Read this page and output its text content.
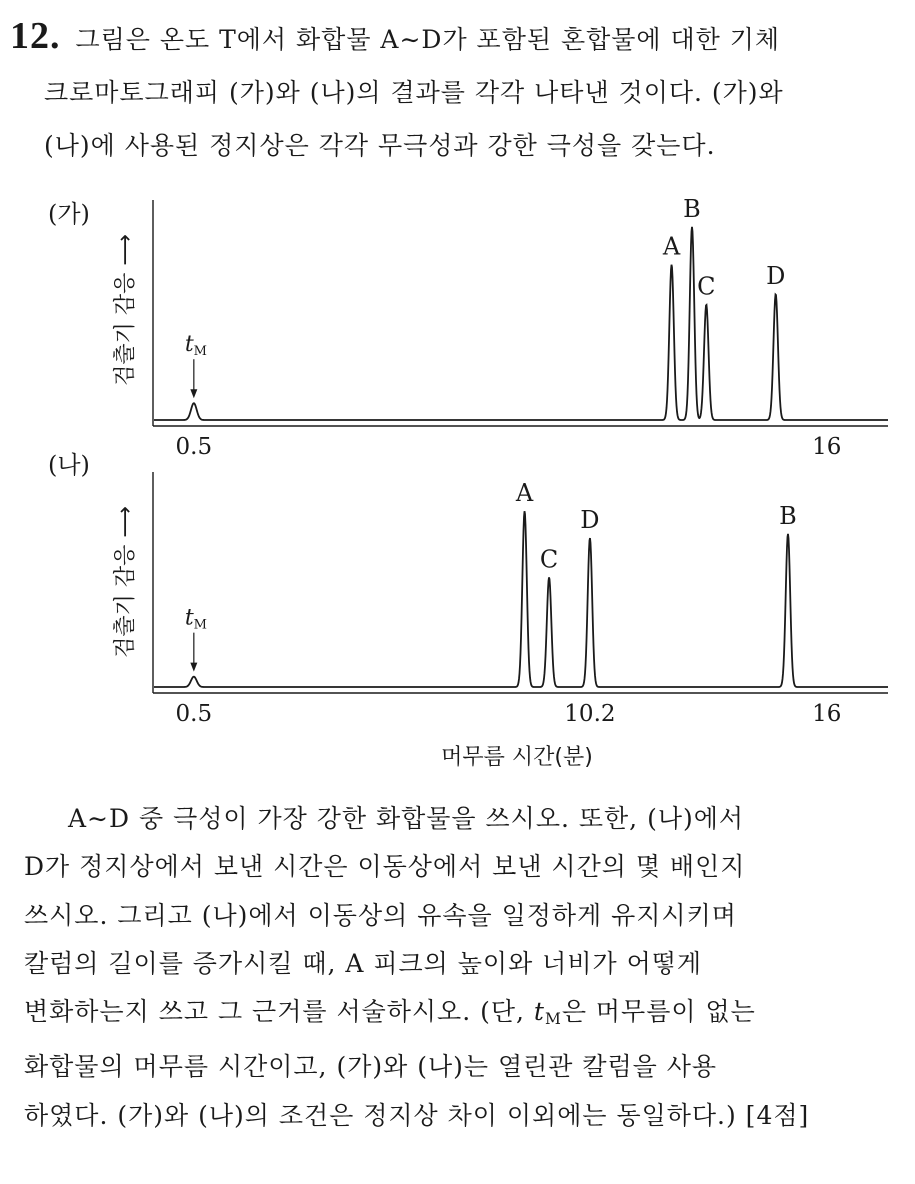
12. 그림은 온도 T에서 화합물 A∼D가 포함된 혼합물에 대한 기체
크로마토그래피 (가)와 (나)의 결과를 각각 나타낸 것이다. (가)와
(나)에 사용된 정지상은 각각 무극성과 강한 극성을 갖는다.
(가)
검출기 감응 ⟶ tM
A
B
C D
0.5	16
(나)
검출기 감응 ⟶ tM
A
C
D	B
0.5	10.2	16
머무름 시간(분)
A∼D 중 극성이 가장 강한 화합물을 쓰시오. 또한, (나)에서
D가 정지상에서 보낸 시간은 이동상에서 보낸 시간의 몇 배인지
쓰시오. 그리고 (나)에서 이동상의 유속을 일정하게 유지시키며
칼럼의 길이를 증가시킬 때, A 피크의 높이와 너비가 어떻게
변화하는지 쓰고 그 근거를 서술하시오. (단, $t_M$은 머무름이 없는
화합물의 머무름 시간이고, (가)와 (나)는 열린관 칼럼을 사용
하였다. (가)와 (나)의 조건은 정지상 차이 이외에는 동일하다.) [4점]
